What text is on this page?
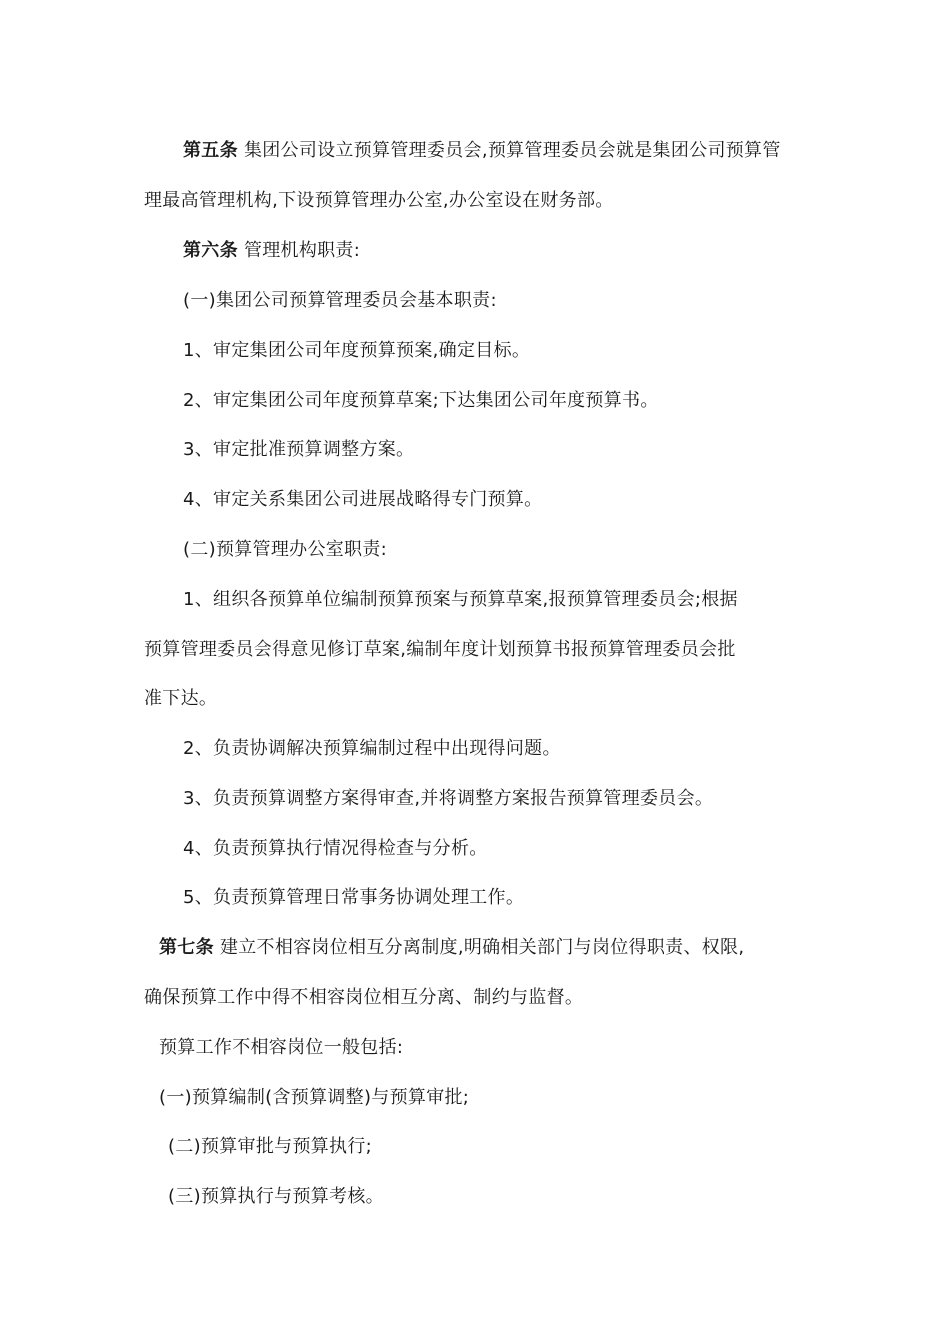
第五条 集团公司设立预算管理委员会,预算管理委员会就是集团公司预算管
理最高管理机构,下设预算管理办公室,办公室设在财务部。
第六条 管理机构职责:
(一)集团公司预算管理委员会基本职责:
1、审定集团公司年度预算预案,确定目标。
2、审定集团公司年度预算草案;下达集团公司年度预算书。
3、审定批准预算调整方案。
4、审定关系集团公司进展战略得专门预算。
(二)预算管理办公室职责:
1、组织各预算单位编制预算预案与预算草案,报预算管理委员会;根据
预算管理委员会得意见修订草案,编制年度计划预算书报预算管理委员会批
准下达。
2、负责协调解决预算编制过程中出现得问题。
3、负责预算调整方案得审查,并将调整方案报告预算管理委员会。
4、负责预算执行情况得检查与分析。
5、负责预算管理日常事务协调处理工作。
第七条 建立不相容岗位相互分离制度,明确相关部门与岗位得职责、权限,
确保预算工作中得不相容岗位相互分离、制约与监督。
预算工作不相容岗位一般包括:
(一)预算编制(含预算调整)与预算审批;
(二)预算审批与预算执行;
(三)预算执行与预算考核。
